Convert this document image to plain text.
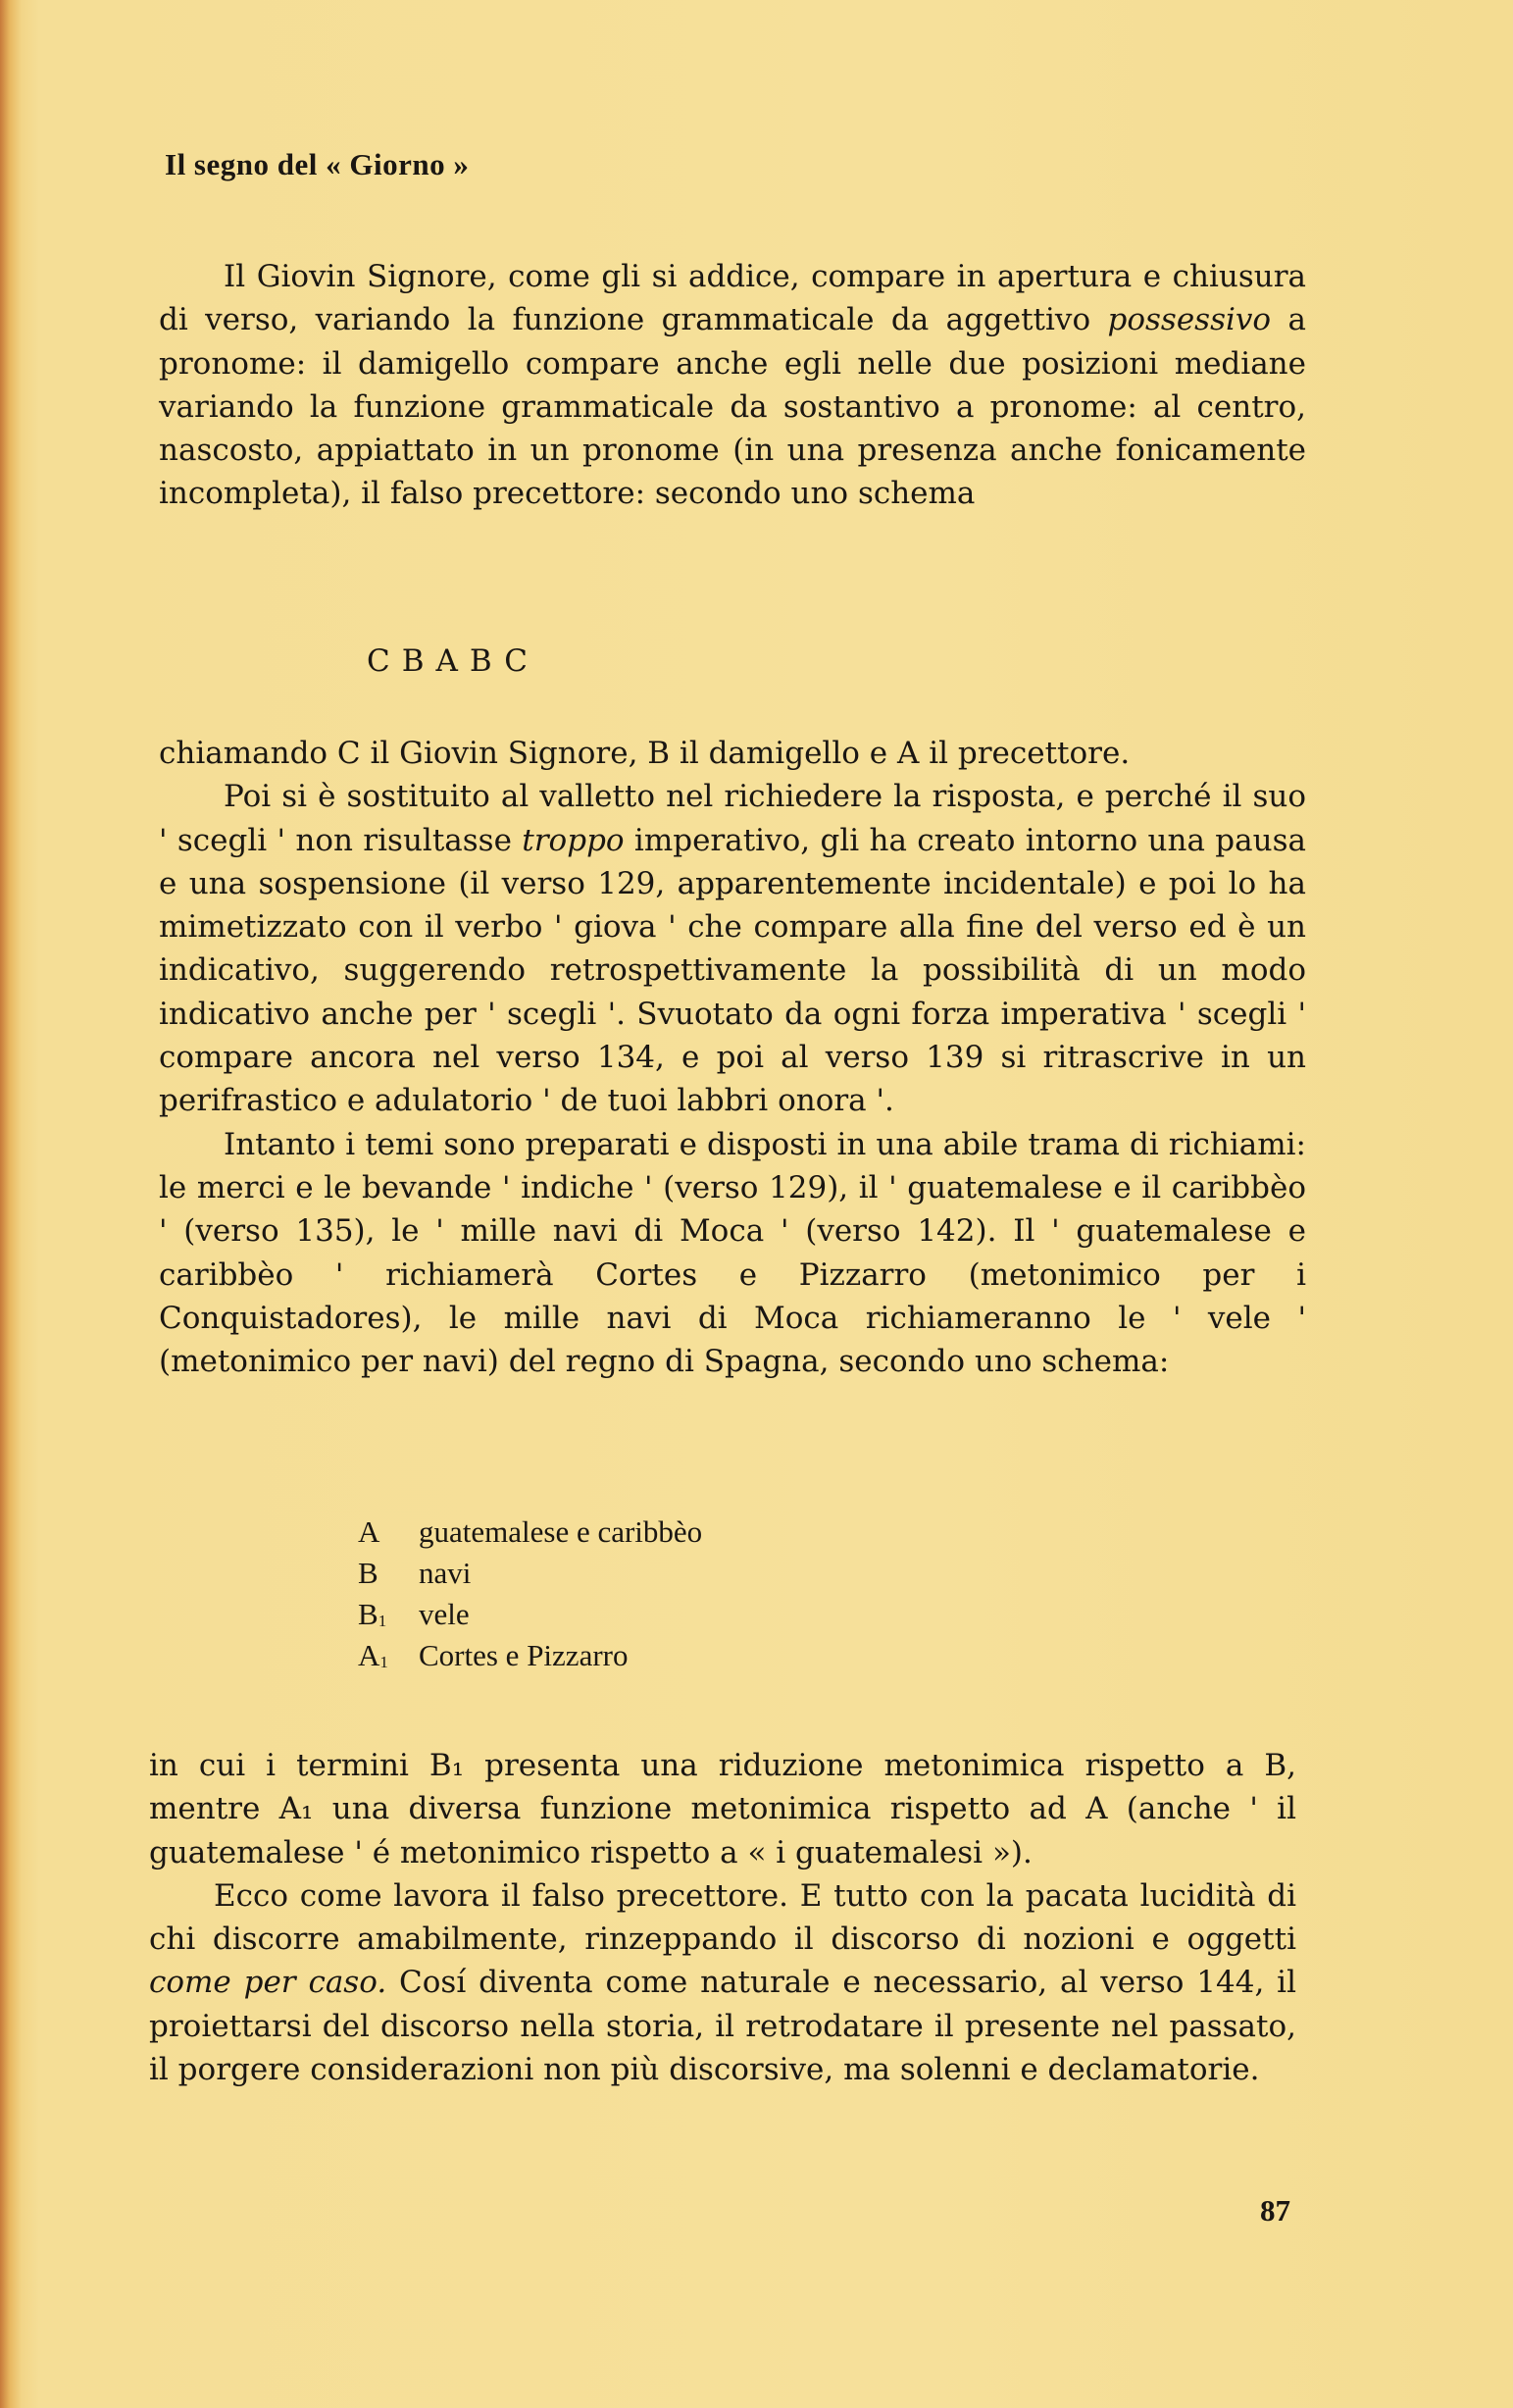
Il segno del « Giorno »

Il Giovin Signore, come gli si addice, compare in apertura e chiusura di verso, variando la funzione grammaticale da aggettivo possessivo a pronome: il damigello compare anche egli nelle due posizioni mediane variando la funzione grammaticale da sostantivo a pronome: al centro, nascosto, appiattato in un pronome (in una presenza anche fonicamente incompleta), il falso precettore: secondo uno schema

CBABC

chiamando C il Giovin Signore, B il damigello e A il precettore.

Poi si è sostituito al valletto nel richiedere la risposta, e perché il suo ' scegli ' non risultasse troppo imperativo, gli ha creato intorno una pausa e una sospensione (il verso 129, apparentemente incidentale) e poi lo ha mimetizzato con il verbo ' giova ' che compare alla fine del verso ed è un indicativo, suggerendo retrospettivamente la possibilità di un modo indicativo anche per ' scegli '. Svuotato da ogni forza imperativa ' scegli ' compare ancora nel verso 134, e poi al verso 139 si ritrascrive in un perifrastico e adulatorio ' de tuoi labbri onora '.

Intanto i temi sono preparati e disposti in una abile trama di richiami: le merci e le bevande ' indiche ' (verso 129), il ' guatemalese e il caribbèo ' (verso 135), le ' mille navi di Moca ' (verso 142). Il ' guatemalese e caribbèo ' richiamerà Cortes e Pizzarro (metonimico per i Conquistadores), le mille navi di Moca richiameranno le ' vele ' (metonimico per navi) del regno di Spagna, secondo uno schema:

A	guatemalese e caribbèo
B	navi
B1	vele
A1	Cortes e Pizzarro

in cui i termini B₁ presenta una riduzione metonimica rispetto a B, mentre A₁ una diversa funzione metonimica rispetto ad A (anche ' il guatemalese ' é metonimico rispetto a « i guatemalesi »).

Ecco come lavora il falso precettore. E tutto con la pacata lucidità di chi discorre amabilmente, rinzeppando il discorso di nozioni e oggetti come per caso. Cosí diventa come naturale e necessario, al verso 144, il proiettarsi del discorso nella storia, il retrodatare il presente nel passato, il porgere considerazioni non più discorsive, ma solenni e declamatorie.

87
